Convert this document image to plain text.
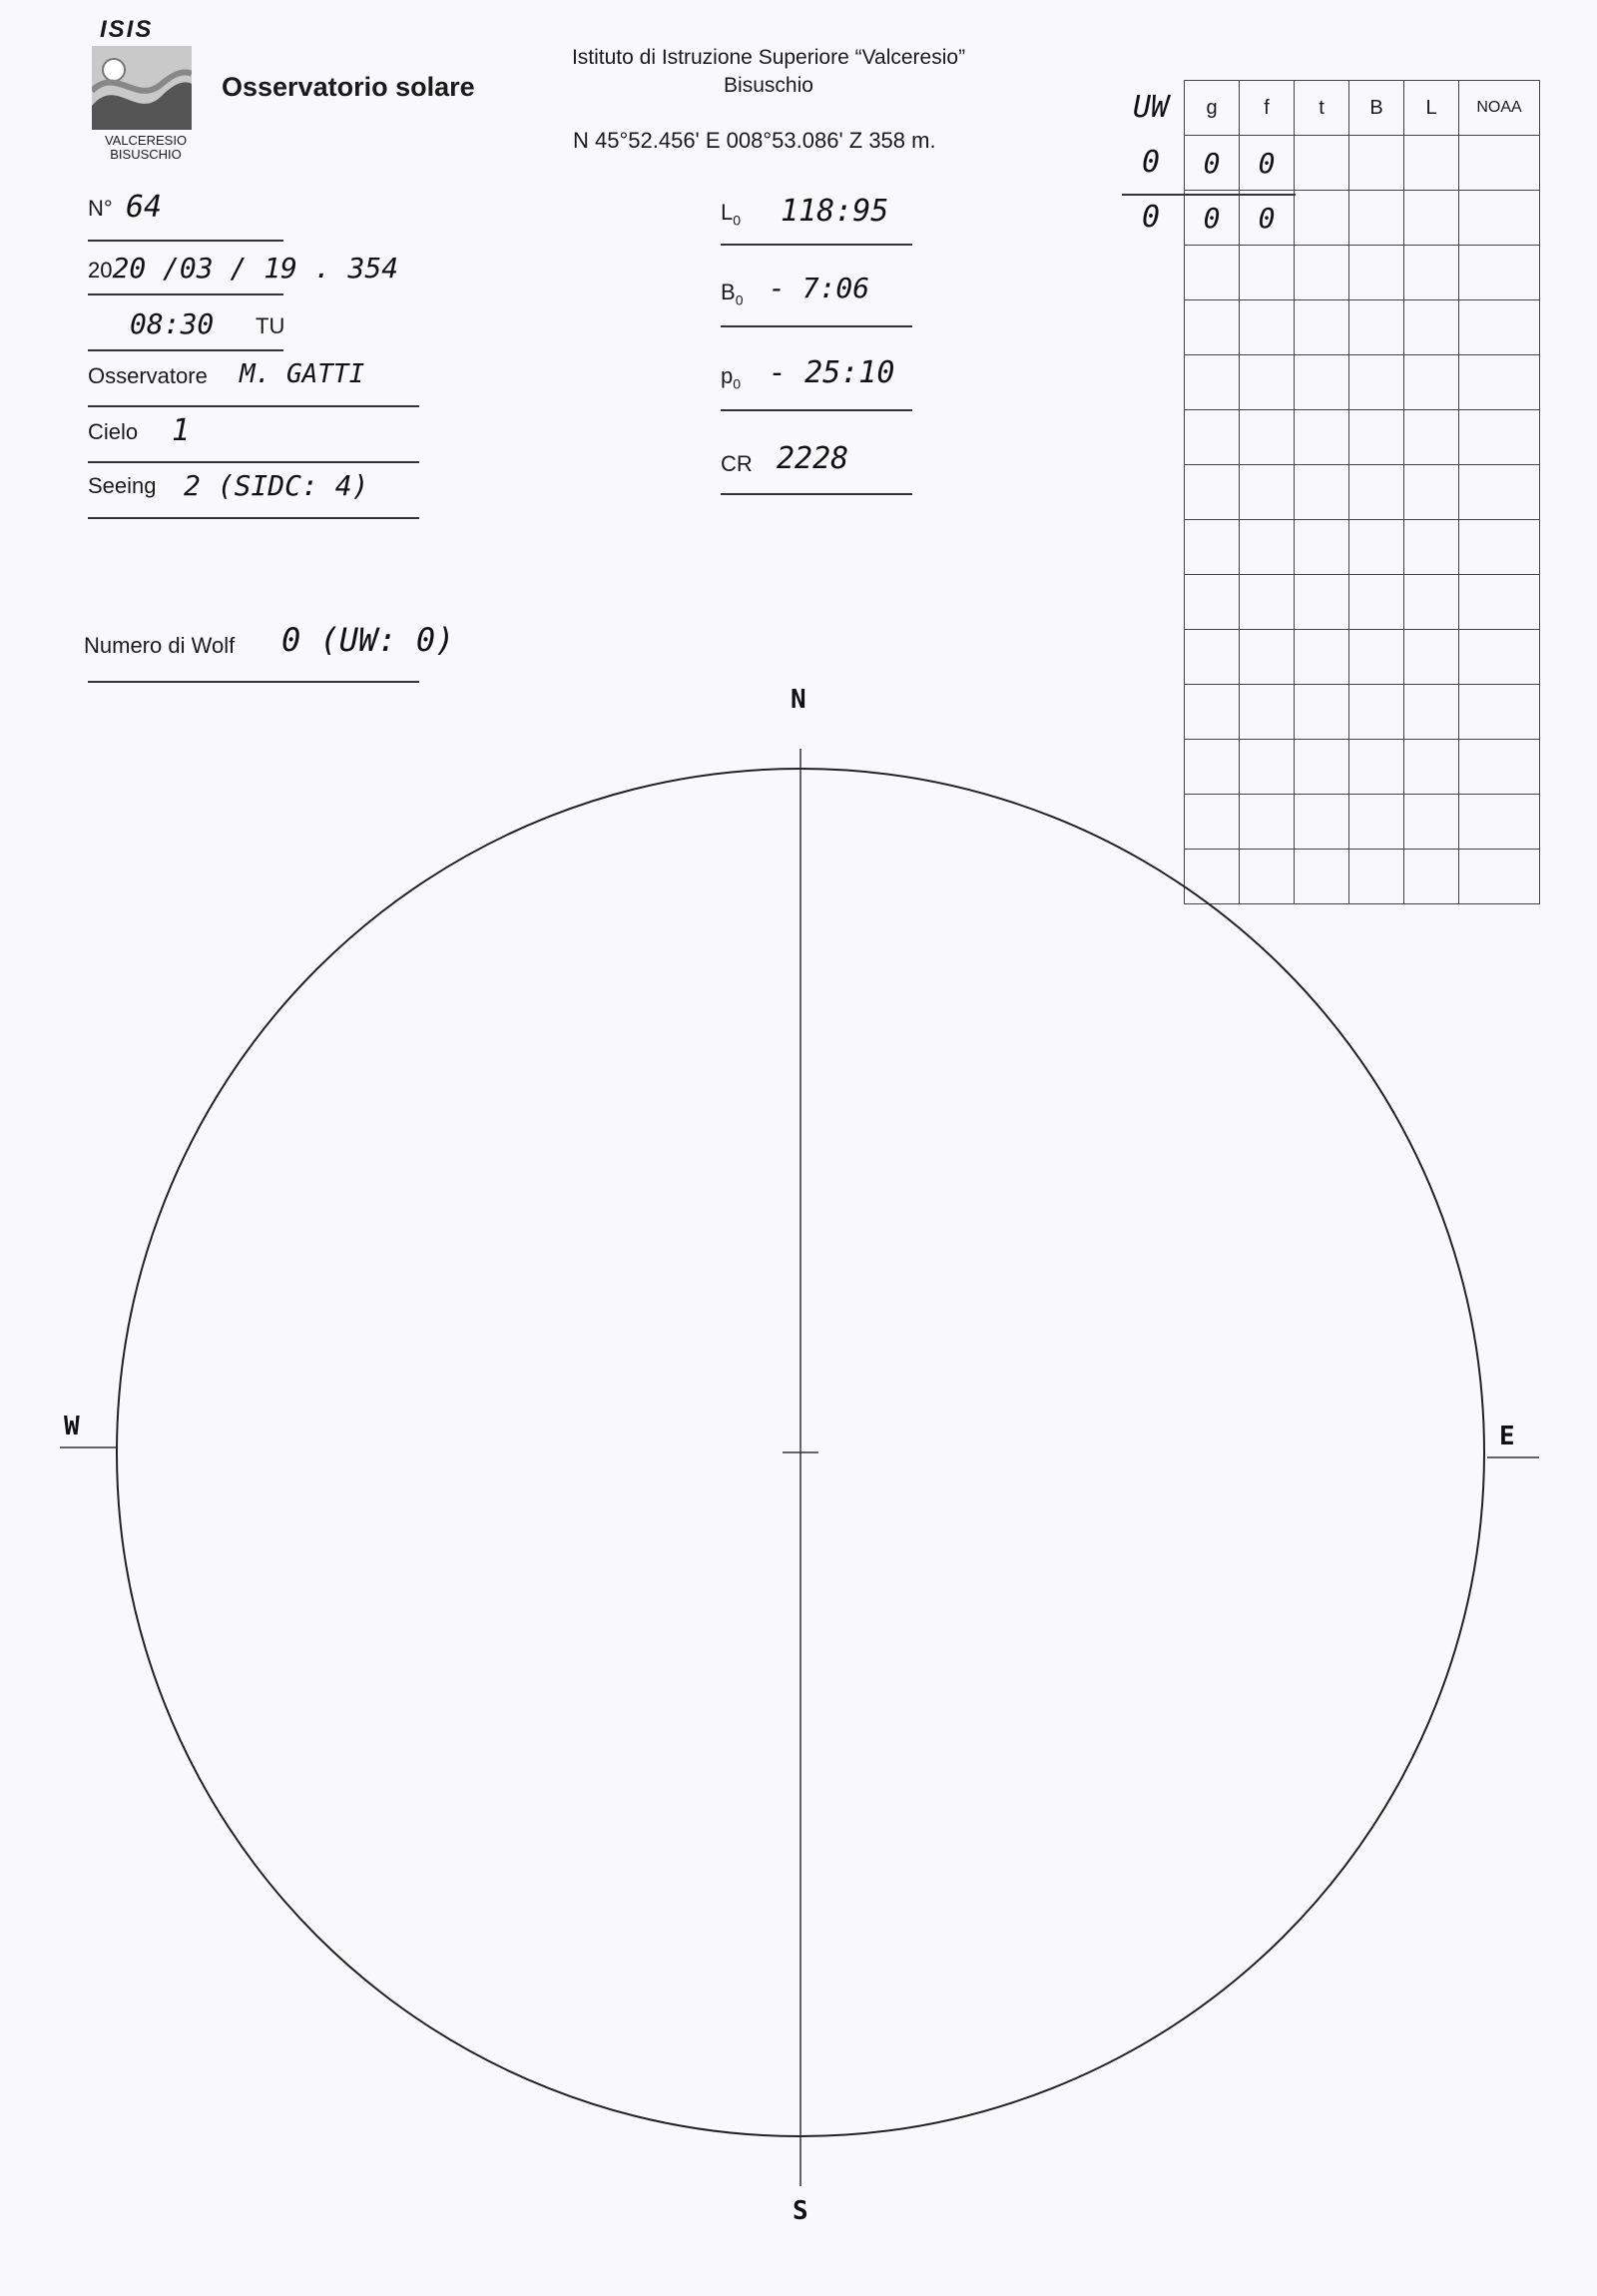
ISIS
VALCERESIO
BISUSCHIO
Osservatorio solare
Istituto di Istruzione Superiore “Valceresio”
Bisuschio
N 45°52.456' E 008°53.086' Z 358 m.
N° 64
2020 /03 / 19 . 354
08:30 TU
Osservatore M. GATTI
Cielo 1
Seeing 2 (SIDC: 4)
Numero di Wolf 0 (UW: 0)
$L_0$ 118:95
$B_0$ - 7:06
$p_0$ - 25:10
CR 2228
UW
0
0
g	f	t	B	L	NOAA
0	0				
0	0				

N
S
W	E
